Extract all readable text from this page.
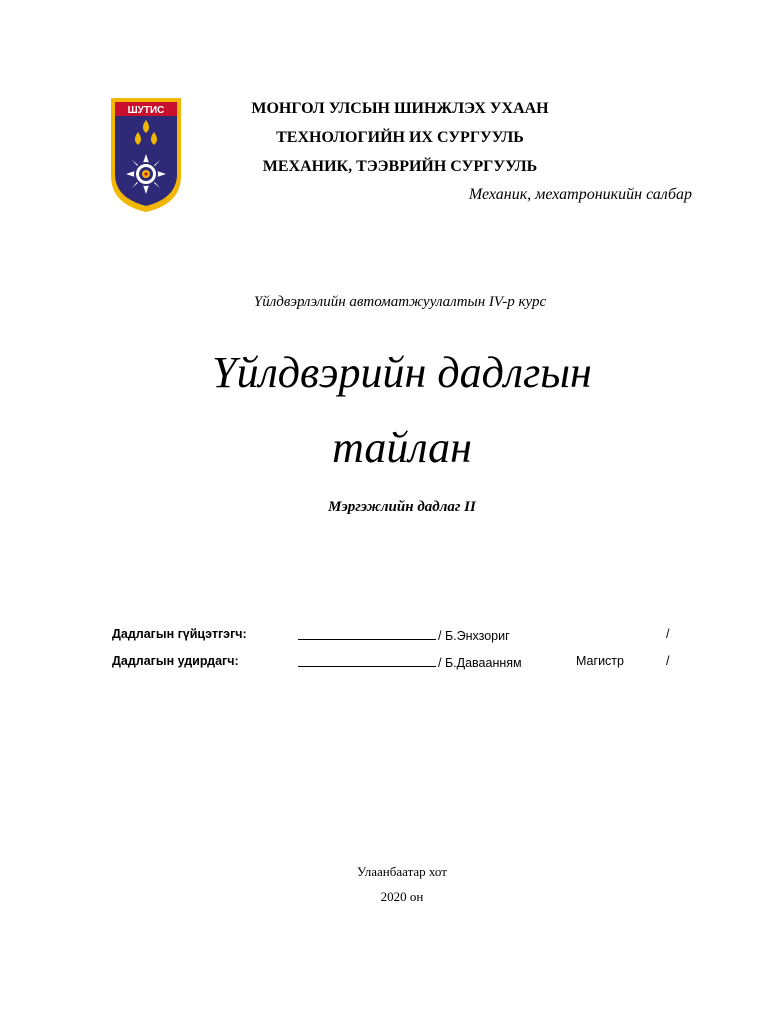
ШУТИС	МОНГОЛ УЛСЫН ШИНЖЛЭХ УХААН
ТЕХНОЛОГИЙН ИХ СУРГУУЛЬ
МЕХАНИК, ТЭЭВРИЙН СУРГУУЛЬ
Механик, мехатроникийн салбар
Үйлдвэрлэлийн автоматжуулалтын IV-р курс
Үйлдвэрийн дадлгын
тайлан
Мэргэжлийн дадлаг II
Дадлагын гүйцэтгэгч:	/ Б.Энхзориг	/
Дадлагын удирдагч:	/ Б.Даваанням	Магистр	/
Улаанбаатар хот
2020 он
